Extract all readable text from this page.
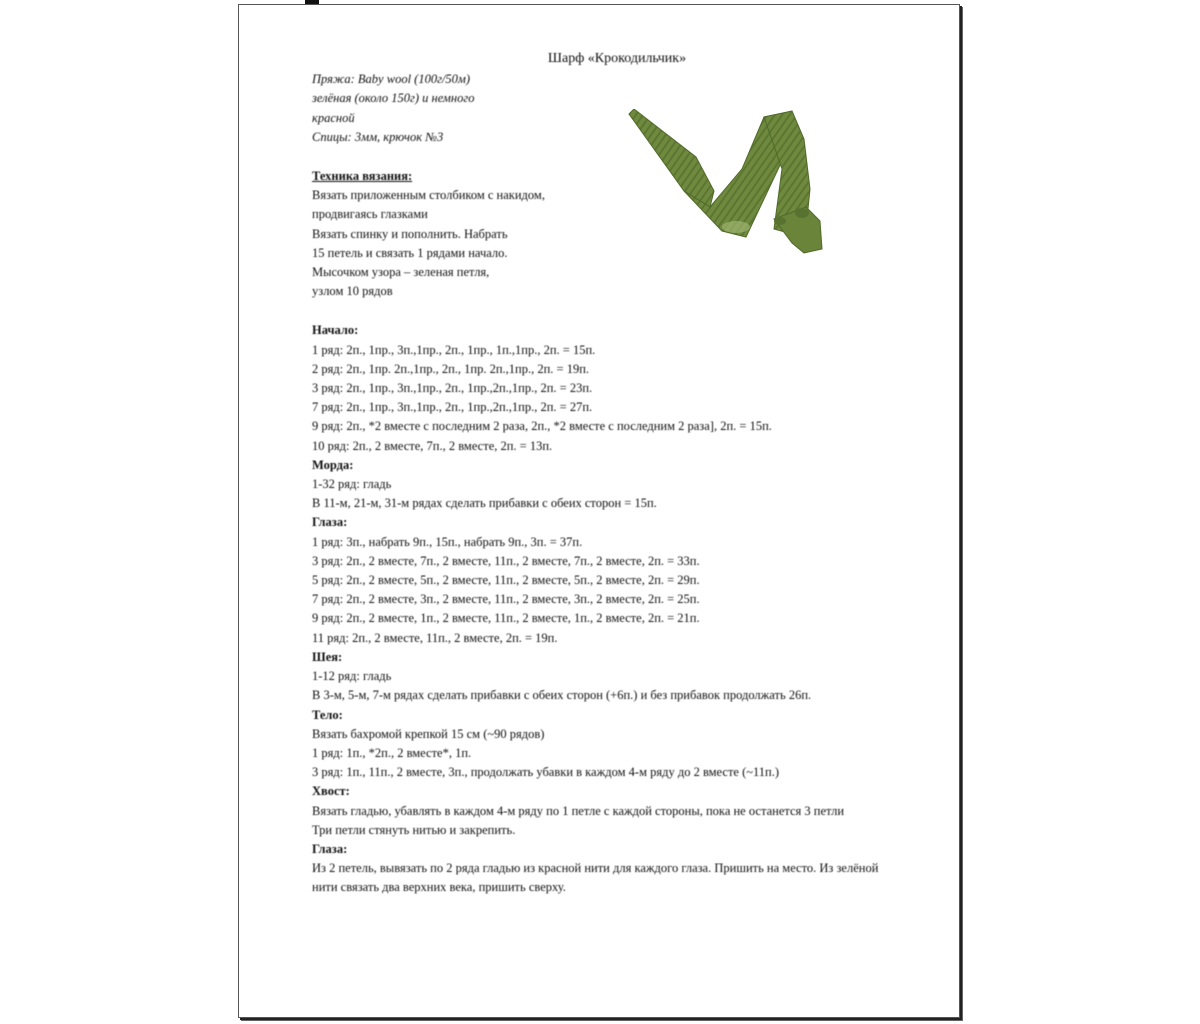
Шарф «Крокодильчик»

Пряжа: Baby wool (100г/50м)

зелёная (около 150г) и немного

красной

Спицы: 3мм, крючок №3

Техника вязания:

Вязать приложенным столбиком с накидом,

продвигаясь глазками

Вязать спинку и пополнить. Набрать

15 петель и связать 1 рядами начало.

Мысочком узора – зеленая петля,

узлом 10 рядов

Начало:

1 ряд: 2п., 1пр., 3п.,1пр., 2п., 1пр., 1п.,1пр., 2п. = 15п.

2 ряд: 2п., 1пр. 2п.,1пр., 2п., 1пр. 2п.,1пр., 2п. = 19п.

3 ряд: 2п., 1пр., 3п.,1пр., 2п., 1пр.,2п.,1пр., 2п. = 23п.

7 ряд: 2п., 1пр., 3п.,1пр., 2п., 1пр.,2п.,1пр., 2п. = 27п.

9 ряд: 2п., *2 вместе с последним 2 раза, 2п., *2 вместе с последним 2 раза], 2п. = 15п.

10 ряд: 2п., 2 вместе, 7п., 2 вместе, 2п. = 13п.

Морда:

1-32 ряд: гладь

В 11-м, 21-м, 31-м рядах сделать прибавки с обеих сторон = 15п.

Глаза:

1 ряд: 3п., набрать 9п., 15п., набрать 9п., 3п. = 37п.

3 ряд: 2п., 2 вместе, 7п., 2 вместе, 11п., 2 вместе, 7п., 2 вместе, 2п. = 33п.

5 ряд: 2п., 2 вместе, 5п., 2 вместе, 11п., 2 вместе, 5п., 2 вместе, 2п. = 29п.

7 ряд: 2п., 2 вместе, 3п., 2 вместе, 11п., 2 вместе, 3п., 2 вместе, 2п. = 25п.

9 ряд: 2п., 2 вместе, 1п., 2 вместе, 11п., 2 вместе, 1п., 2 вместе, 2п. = 21п.

11 ряд: 2п., 2 вместе, 11п., 2 вместе, 2п. = 19п.

Шея:

1-12 ряд: гладь

В 3-м, 5-м, 7-м рядах сделать прибавки с обеих сторон (+6п.) и без прибавок продолжать 26п.

Тело:

Вязать бахромой крепкой 15 см (~90 рядов)

1 ряд: 1п., *2п., 2 вместе*, 1п.

3 ряд: 1п., 11п., 2 вместе, 3п., продолжать убавки в каждом 4-м ряду до 2 вместе (~11п.)

Хвост:

Вязать гладью, убавлять в каждом 4-м ряду по 1 петле с каждой стороны, пока не останется 3 петли

Три петли стянуть нитью и закрепить.

Глаза:

Из 2 петель, вывязать по 2 ряда гладью из красной нити для каждого глаза. Пришить на место. Из зелёной нити связать два верхних века, пришить сверху.
